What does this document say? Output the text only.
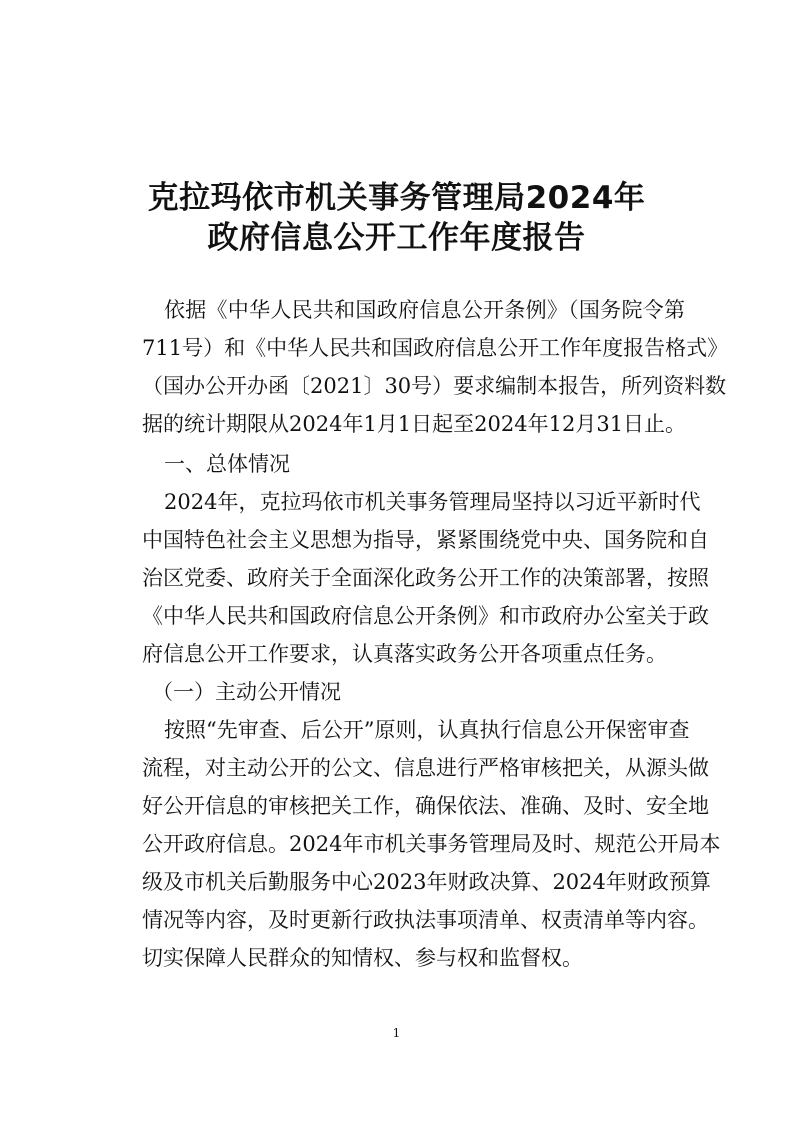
克拉玛依市机关事务管理局2024年
政府信息公开工作年度报告
依据《中华人民共和国政府信息公开条例》（国务院令第
711号）和《中华人民共和国政府信息公开工作年度报告格式》
（国办公开办函〔2021〕30号）要求编制本报告，所列资料数
据的统计期限从2024年1月1日起至2024年12月31日止。
一、总体情况
2024年，克拉玛依市机关事务管理局坚持以习近平新时代
中国特色社会主义思想为指导，紧紧围绕党中央、国务院和自
治区党委、政府关于全面深化政务公开工作的决策部署，按照
《中华人民共和国政府信息公开条例》和市政府办公室关于政
府信息公开工作要求，认真落实政务公开各项重点任务。
（一）主动公开情况
按照“先审查、后公开”原则，认真执行信息公开保密审查
流程，对主动公开的公文、信息进行严格审核把关，从源头做
好公开信息的审核把关工作，确保依法、准确、及时、安全地
公开政府信息。2024年市机关事务管理局及时、规范公开局本
级及市机关后勤服务中心2023年财政决算、2024年财政预算
情况等内容，及时更新行政执法事项清单、权责清单等内容。
切实保障人民群众的知情权、参与权和监督权。
1
